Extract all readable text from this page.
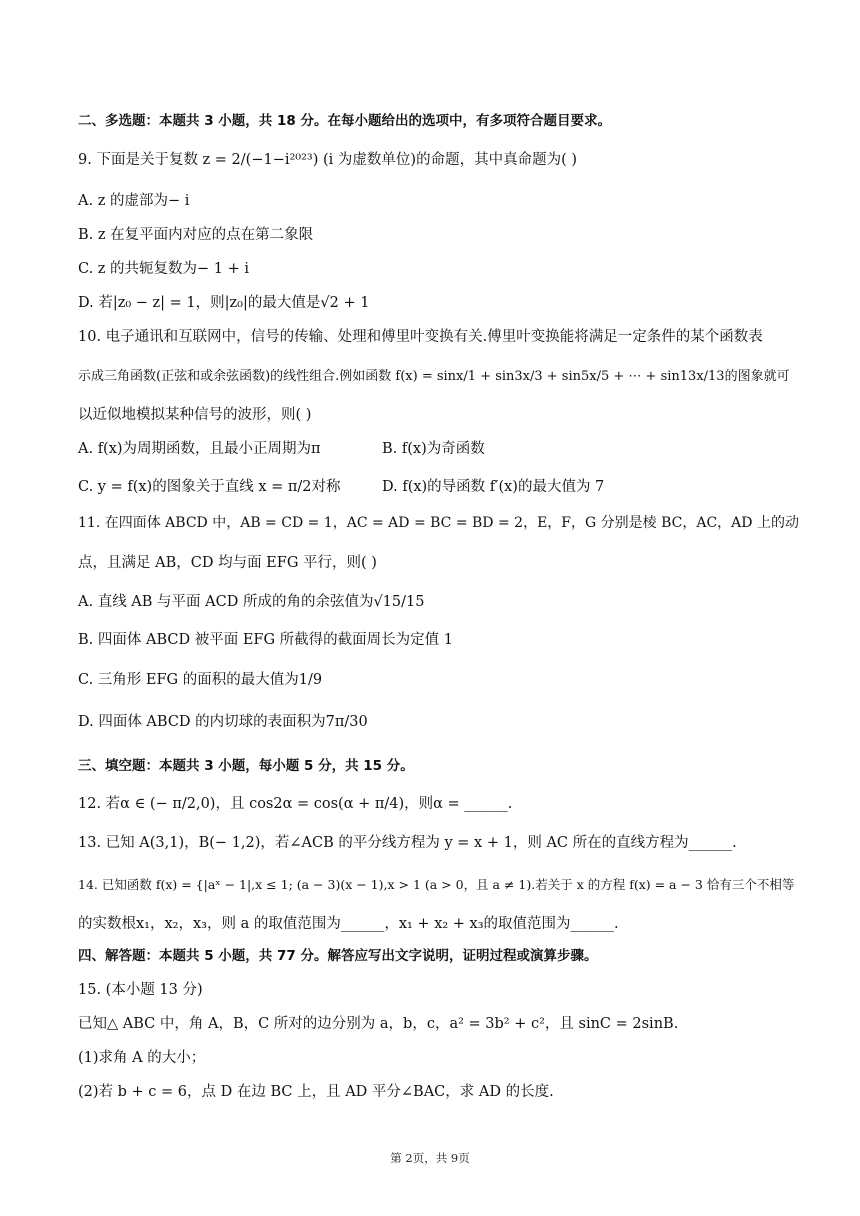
二、多选题：本题共 3 小题，共 18 分。在每小题给出的选项中，有多项符合题目要求。
9. 下面是关于复数 z = 2/(−1−i²⁰²³) (i 为虚数单位)的命题，其中真命题为( )
A. z 的虚部为− i
B. z 在复平面内对应的点在第二象限
C. z 的共轭复数为− 1 + i
D. 若|z₀ − z| = 1，则|z₀|的最大值是√2 + 1
10. 电子通讯和互联网中，信号的传输、处理和傅里叶变换有关.傅里叶变换能将满足一定条件的某个函数表
示成三角函数(正弦和或余弦函数)的线性组合.例如函数 f(x) = sinx/1 + sin3x/3 + sin5x/5 + ⋯ + sin13x/13的图象就可
以近似地模拟某种信号的波形，则( )
A. f(x)为周期函数，且最小正周期为π	B. f(x)为奇函数
C. y = f(x)的图象关于直线 x = π/2对称	D. f(x)的导函数 f′(x)的最大值为 7
11. 在四面体 ABCD 中，AB = CD = 1，AC = AD = BC = BD = 2，E，F，G 分别是棱 BC，AC，AD 上的动
点，且满足 AB，CD 均与面 EFG 平行，则( )
A. 直线 AB 与平面 ACD 所成的角的余弦值为√15/15
B. 四面体 ABCD 被平面 EFG 所截得的截面周长为定值 1
C. 三角形 EFG 的面积的最大值为1/9
D. 四面体 ABCD 的内切球的表面积为7π/30
三、填空题：本题共 3 小题，每小题 5 分，共 15 分。
12. 若α ∈ (− π/2,0)，且 cos2α = cos(α + π/4)，则α = ______.
13. 已知 A(3,1)，B(− 1,2)，若∠ACB 的平分线方程为 y = x + 1，则 AC 所在的直线方程为______.
14. 已知函数 f(x) = {|aˣ − 1|,x ≤ 1; (a − 3)(x − 1),x > 1 (a > 0，且 a ≠ 1).若关于 x 的方程 f(x) = a − 3 恰有三个不相等
的实数根x₁，x₂，x₃，则 a 的取值范围为______，x₁ + x₂ + x₃的取值范围为______.
四、解答题：本题共 5 小题，共 77 分。解答应写出文字说明，证明过程或演算步骤。
15. (本小题 13 分)
已知△ ABC 中，角 A，B，C 所对的边分别为 a，b，c，a² = 3b² + c²，且 sinC = 2sinB.
(1)求角 A 的大小；
(2)若 b + c = 6，点 D 在边 BC 上，且 AD 平分∠BAC，求 AD 的长度.
第 2页，共 9页
